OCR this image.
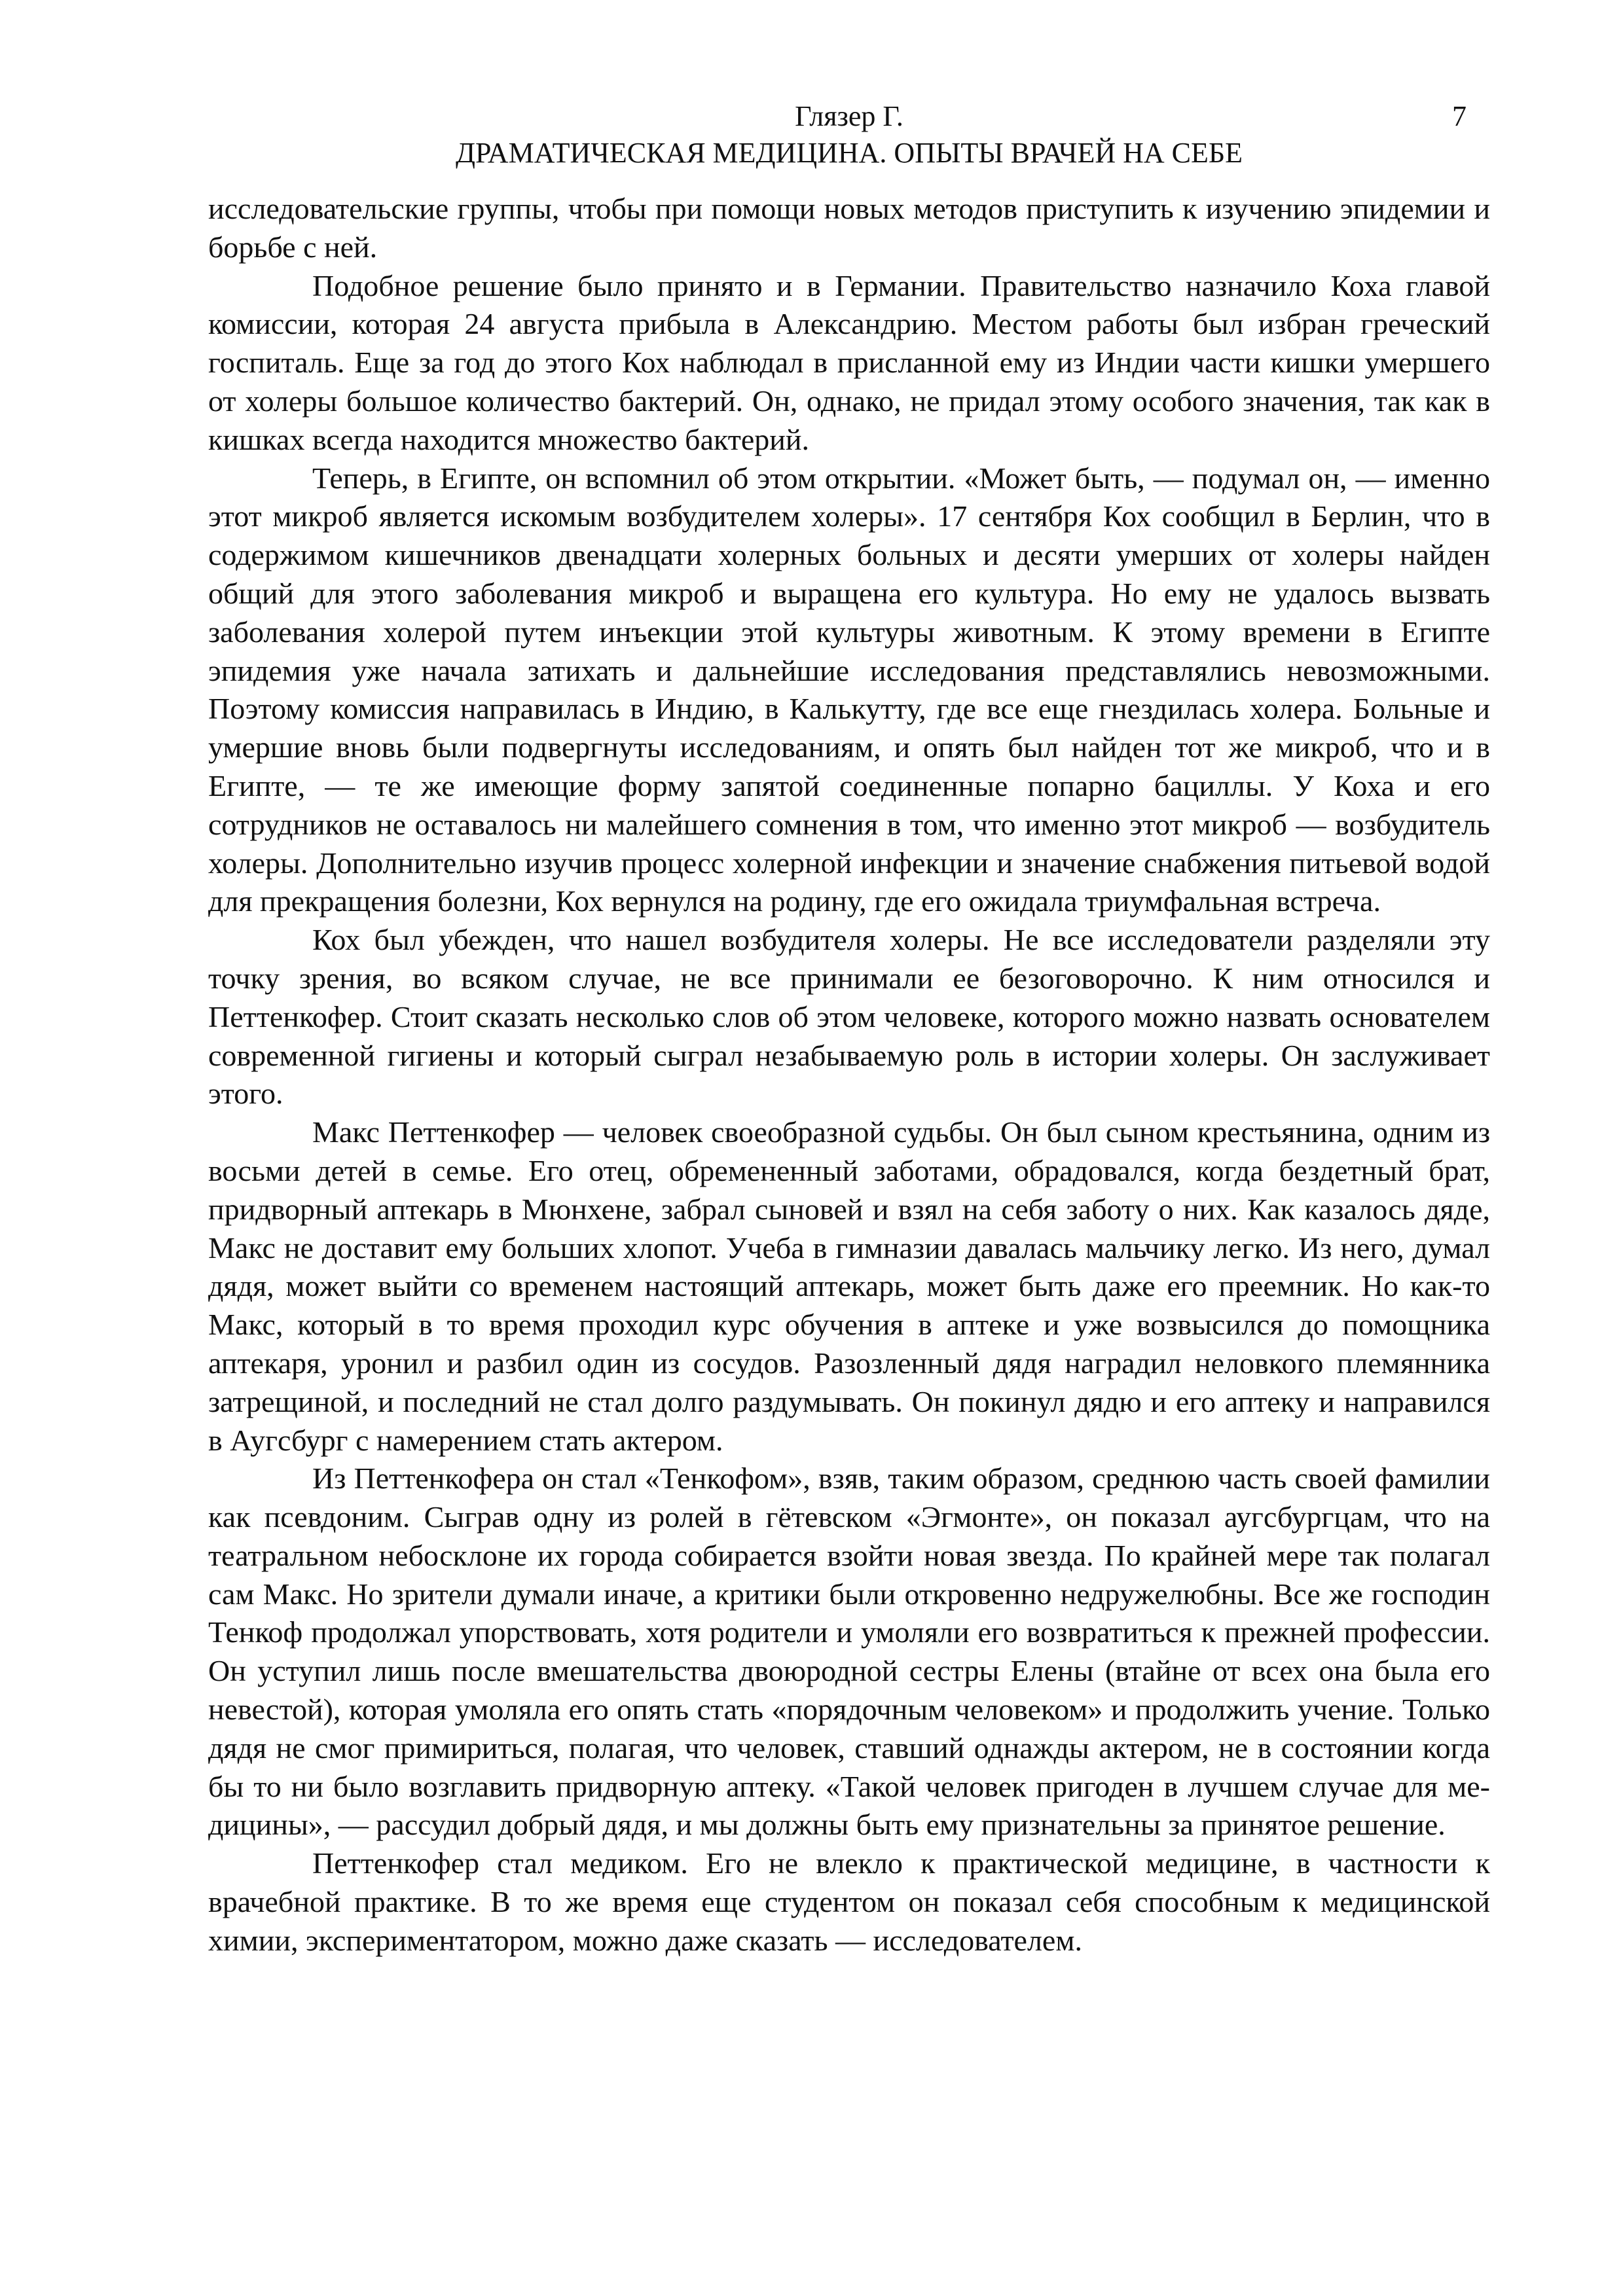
Глязер Г.
ДРАМАТИЧЕСКАЯ МЕДИЦИНА. ОПЫТЫ ВРАЧЕЙ НА СЕБЕ
7

исследовательские группы, чтобы при помощи новых методов приступить к изучению эпидемии и борьбе с ней.

Подобное решение было принято и в Германии. Правительство назначило Коха главой комиссии, которая 24 августа прибыла в Александрию. Местом работы был избран греческий госпиталь. Еще за год до этого Кох наблюдал в присланной ему из Индии части кишки умершего от холеры большое количество бактерий. Он, однако, не придал этому особого значения, так как в кишках всегда находится множество бактерий.

Теперь, в Египте, он вспомнил об этом открытии. «Может быть, — подумал он, — именно этот микроб является искомым возбудителем холеры». 17 сентября Кох сообщил в Берлин, что в содержимом кишечников двенадцати холерных больных и десяти умерших от холеры найден общий для этого заболевания микроб и выращена его культура. Но ему не удалось вызвать заболевания холерой путем инъекции этой культуры животным. К этому времени в Египте эпидемия уже начала затихать и дальнейшие исследования представлялись невозможными. Поэтому комиссия направилась в Индию, в Калькутту, где все еще гнездилась холера. Больные и умершие вновь были подвергнуты исследованиям, и опять был найден тот же микроб, что и в Египте, — те же имеющие форму запятой соединенные попарно бациллы. У Коха и его сотрудников не оставалось ни малейшего сомнения в том, что именно этот микроб — возбудитель холеры. Дополнительно изучив процесс холерной инфекции и значение снабжения питьевой водой для прекращения болезни, Кох вернулся на родину, где его ожидала триумфальная встреча.

Кох был убежден, что нашел возбудителя холеры. Не все исследователи разделяли эту точку зрения, во всяком случае, не все принимали ее безоговорочно. К ним относился и Петтенкофер. Стоит сказать несколько слов об этом человеке, которого можно назвать основателем современной гигиены и который сыграл незабываемую роль в истории холеры. Он заслуживает этого.

Макс Петтенкофер — человек своеобразной судьбы. Он был сыном крестьянина, одним из восьми детей в семье. Его отец, обремененный заботами, обрадовался, когда бездетный брат, придворный аптекарь в Мюнхене, забрал сыновей и взял на себя заботу о них. Как казалось дяде, Макс не доставит ему больших хлопот. Учеба в гимназии давалась мальчику легко. Из него, думал дядя, может выйти со временем настоящий аптекарь, может быть даже его преемник. Но как-то Макс, который в то время проходил курс обучения в аптеке и уже возвысился до помощника аптекаря, уронил и разбил один из сосудов. Разозленный дядя наградил неловкого племянника затрещиной, и последний не стал долго раздумывать. Он покинул дядю и его аптеку и направился в Аугсбург с намерением стать актером.

Из Петтенкофера он стал «Тенкофом», взяв, таким образом, среднюю часть своей фамилии как псевдоним. Сыграв одну из ролей в гётевском «Эгмонте», он показал аугсбургцам, что на театральном небосклоне их города собирается взойти новая звезда. По крайней мере так полагал сам Макс. Но зрители думали иначе, а критики были откровенно недружелюбны. Все же господин Тенкоф продолжал упорствовать, хотя родители и умоляли его возвратиться к прежней профессии. Он уступил лишь после вмешательства двоюродной сестры Елены (втайне от всех она была его невестой), которая умоляла его опять стать «порядочным человеком» и продолжить учение. Только дядя не смог примириться, полагая, что человек, ставший однажды актером, не в состоянии когда бы то ни было возглавить придворную аптеку. «Такой человек пригоден в лучшем случае для медицины», — рассудил добрый дядя, и мы должны быть ему признательны за принятое решение.

Петтенкофер стал медиком. Его не влекло к практической медицине, в частности к врачебной практике. В то же время еще студентом он показал себя способным к медицинской химии, экспериментатором, можно даже сказать — исследователем.
